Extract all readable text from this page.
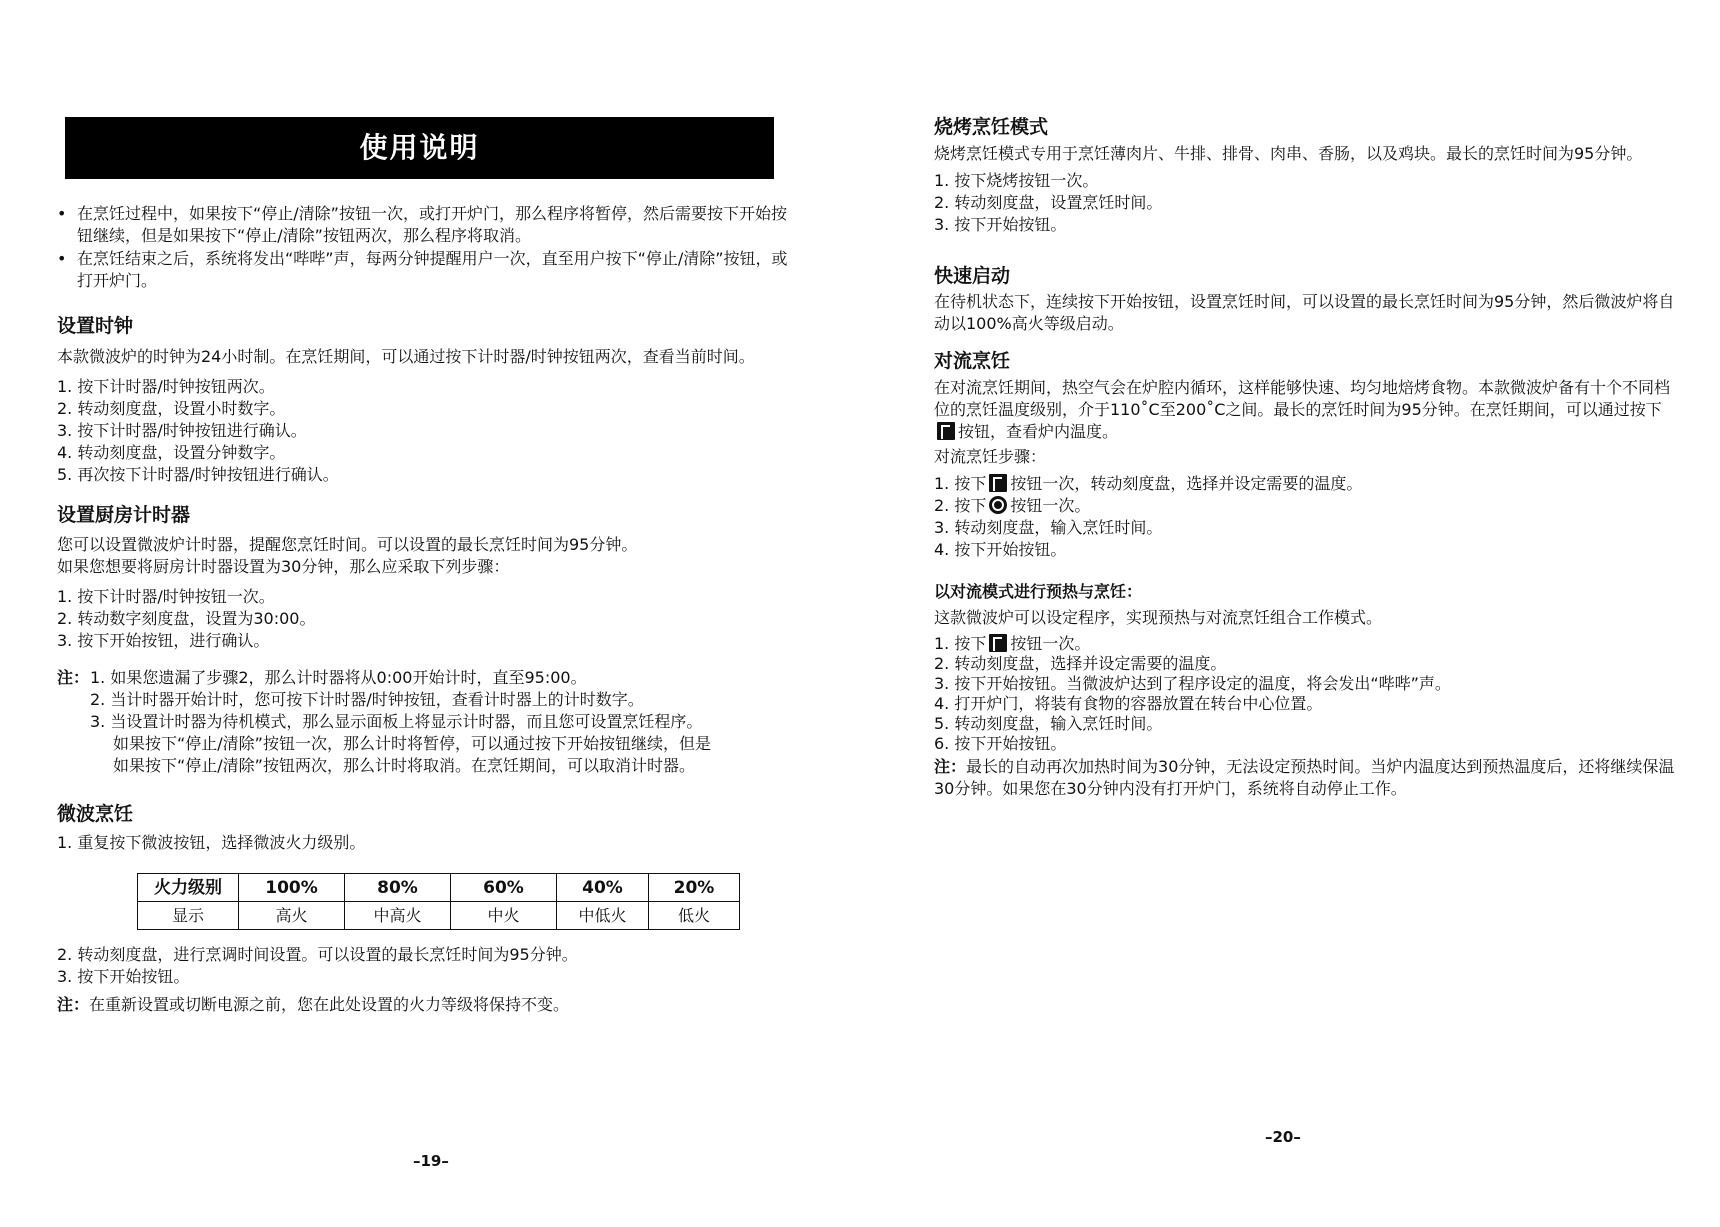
使用说明

• 在烹饪过程中，如果按下“停止/清除”按钮一次，或打开炉门，那么程序将暂停，然后需要按下开始按钮继续，但是如果按下“停止/清除”按钮两次，那么程序将取消。

• 在烹饪结束之后，系统将发出“哔哔”声，每两分钟提醒用户一次，直至用户按下“停止/清除”按钮，或打开炉门。

设置时钟

本款微波炉的时钟为24小时制。在烹饪期间，可以通过按下计时器/时钟按钮两次，查看当前时间。

1. 按下计时器/时钟按钮两次。
2. 转动刻度盘，设置小时数字。
3. 按下计时器/时钟按钮进行确认。
4. 转动刻度盘，设置分钟数字。
5. 再次按下计时器/时钟按钮进行确认。
设置厨房计时器

您可以设置微波炉计时器，提醒您烹饪时间。可以设置的最长烹饪时间为95分钟。

如果您想要将厨房计时器设置为30分钟，那么应采取下列步骤：

1. 按下计时器/时钟按钮一次。
2. 转动数字刻度盘，设置为30:00。
3. 按下开始按钮，进行确认。
注： 1. 如果您遗漏了步骤2，那么计时器将从0:00开始计时，直至95:00。
2. 当计时器开始计时，您可按下计时器/时钟按钮，查看计时器上的计时数字。
3. 当设置计时器为待机模式，那么显示面板上将显示计时器，而且您可设置烹饪程序。
如果按下“停止/清除”按钮一次，那么计时将暂停，可以通过按下开始按钮继续，但是
如果按下“停止/清除”按钮两次，那么计时将取消。在烹饪期间，可以取消计时器。
微波烹饪

1. 重复按下微波按钮，选择微波火力级别。

火力级别	100%	80%	60%	40%	20%
显示	高火	中高火	中火	中低火	低火
2. 转动刻度盘，进行烹调时间设置。可以设置的最长烹饪时间为95分钟。
3. 按下开始按钮。
注：在重新设置或切断电源之前，您在此处设置的火力等级将保持不变。
–19–
烧烤烹饪模式

烧烤烹饪模式专用于烹饪薄肉片、牛排、排骨、肉串、香肠，以及鸡块。最长的烹饪时间为95分钟。

1. 按下烧烤按钮一次。
2. 转动刻度盘，设置烹饪时间。
3. 按下开始按钮。
快速启动

在待机状态下，连续按下开始按钮，设置烹饪时间，可以设置的最长烹饪时间为95分钟，然后微波炉将自动以100%高火等级启动。

对流烹饪

在对流烹饪期间，热空气会在炉腔内循环，这样能够快速、均匀地焙烤食物。本款微波炉备有十个不同档位的烹饪温度级别，介于110˚C至200˚C之间。最长的烹饪时间为95分钟。在烹饪期间，可以通过按下按钮，查看炉内温度。

对流烹饪步骤：

1. 按下 按钮一次，转动刻度盘，选择并设定需要的温度。
2. 按下 按钮一次。
3. 转动刻度盘，输入烹饪时间。
4. 按下开始按钮。
以对流模式进行预热与烹饪：

这款微波炉可以设定程序，实现预热与对流烹饪组合工作模式。

1. 按下 按钮一次。
2. 转动刻度盘，选择并设定需要的温度。
3. 按下开始按钮。当微波炉达到了程序设定的温度，将会发出“哔哔”声。
4. 打开炉门，将装有食物的容器放置在转台中心位置。
5. 转动刻度盘，输入烹饪时间。
6. 按下开始按钮。

注：最长的自动再次加热时间为30分钟，无法设定预热时间。当炉内温度达到预热温度后，还将继续保温30分钟。如果您在30分钟内没有打开炉门，系统将自动停止工作。

–20–
